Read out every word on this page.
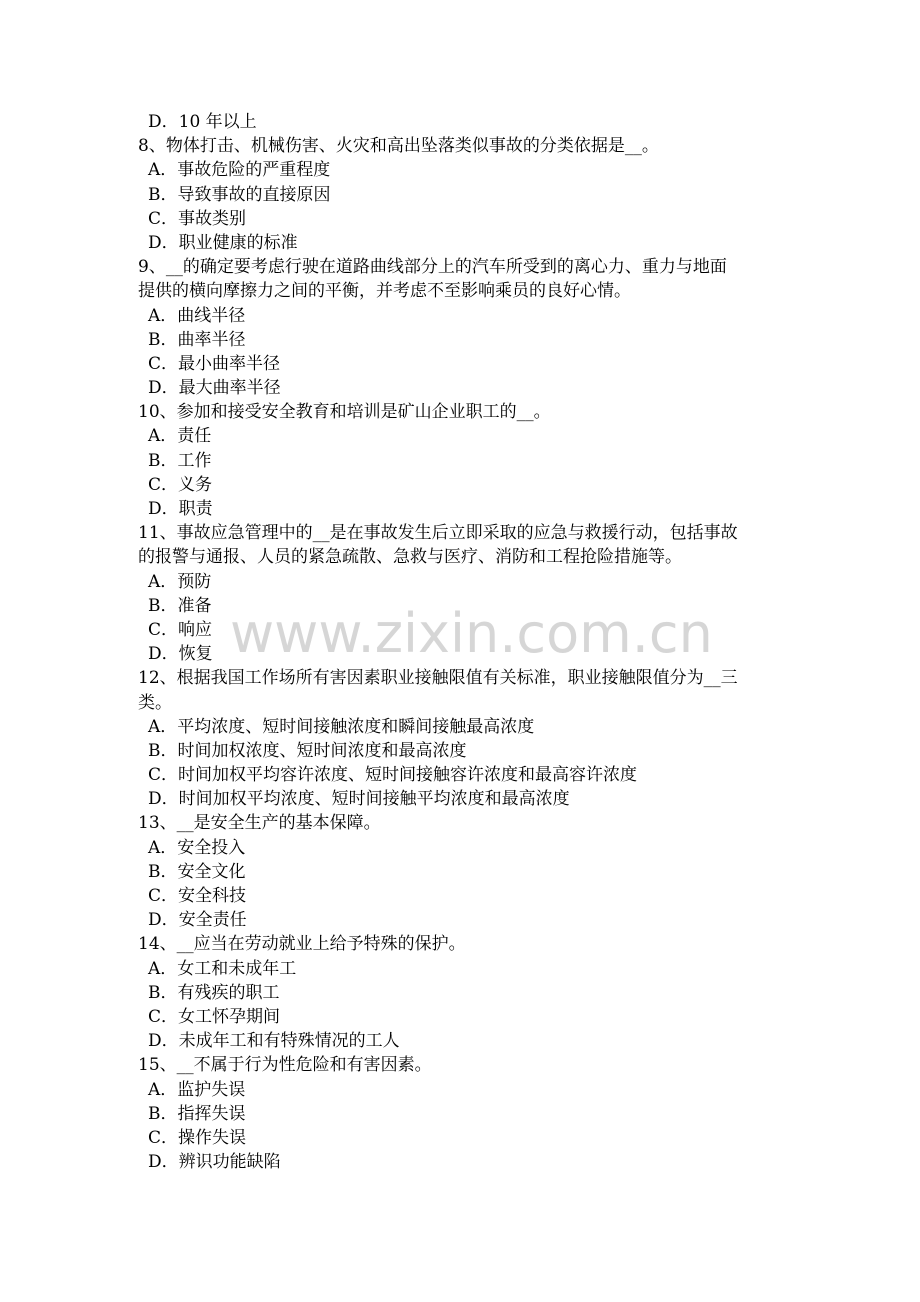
D．10 年以上
8、物体打击、机械伤害、火灾和高出坠落类似事故的分类依据是__。
A．事故危险的严重程度
B．导致事故的直接原因
C．事故类别
D．职业健康的标准
9、__的确定要考虑行驶在道路曲线部分上的汽车所受到的离心力、重力与地面
提供的横向摩擦力之间的平衡，并考虑不至影响乘员的良好心情。
A．曲线半径
B．曲率半径
C．最小曲率半径
D．最大曲率半径
10、参加和接受安全教育和培训是矿山企业职工的__。
A．责任
B．工作
C．义务
D．职责
11、事故应急管理中的__是在事故发生后立即采取的应急与救援行动，包括事故
的报警与通报、人员的紧急疏散、急救与医疗、消防和工程抢险措施等。
A．预防
B．准备
C．响应
D．恢复
12、根据我国工作场所有害因素职业接触限值有关标准，职业接触限值分为__三
类。
A．平均浓度、短时间接触浓度和瞬间接触最高浓度
B．时间加权浓度、短时间浓度和最高浓度
C．时间加权平均容许浓度、短时间接触容许浓度和最高容许浓度
D．时间加权平均浓度、短时间接触平均浓度和最高浓度
13、__是安全生产的基本保障。
A．安全投入
B．安全文化
C．安全科技
D．安全责任
14、__应当在劳动就业上给予特殊的保护。
A．女工和未成年工
B．有残疾的职工
C．女工怀孕期间
D．未成年工和有特殊情况的工人
15、__不属于行为性危险和有害因素。
A．监护失误
B．指挥失误
C．操作失误
D．辨识功能缺陷
www.zixin.com.cn
